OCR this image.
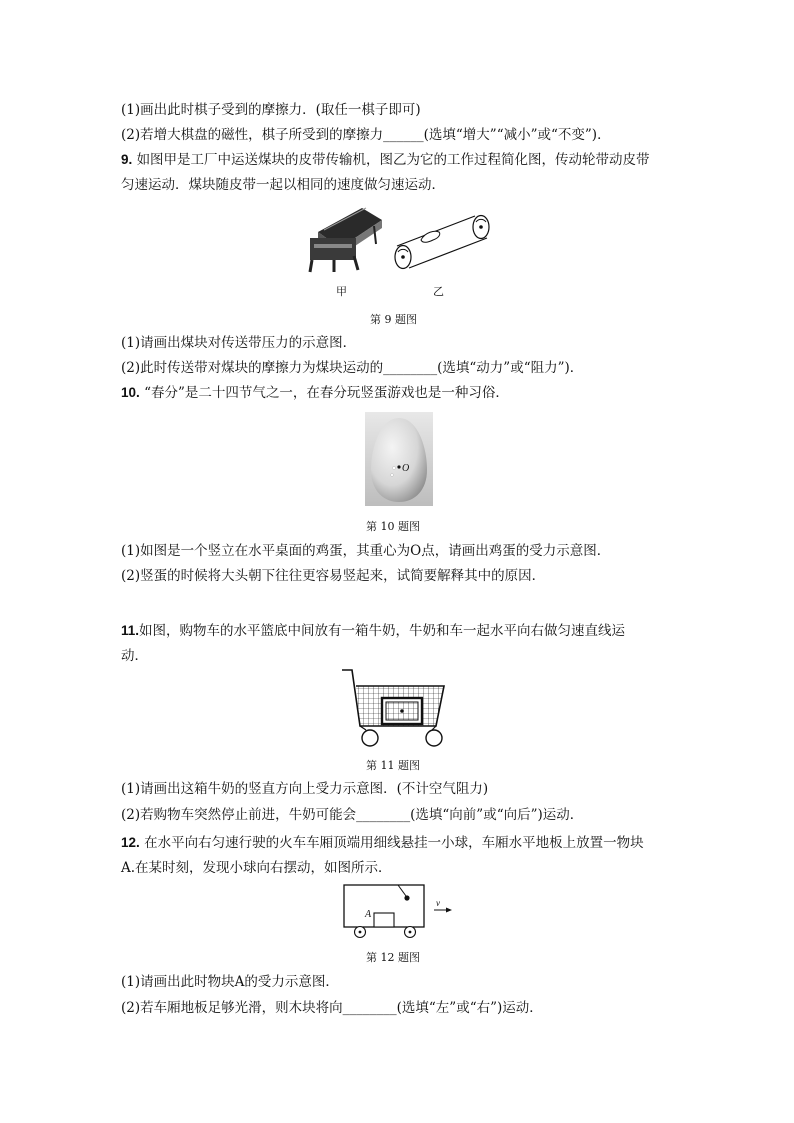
(1)画出此时棋子受到的摩擦力．(取任一棋子即可)
(2)若增大棋盘的磁性，棋子所受到的摩擦力______(选填“增大”“减小”或“不变”)．
9. 如图甲是工厂中运送煤块的皮带传输机，图乙为它的工作过程简化图，传动轮带动皮带
匀速运动．煤块随皮带一起以相同的速度做匀速运动．
甲	乙
第 9 题图
(1)请画出煤块对传送带压力的示意图．
(2)此时传送带对煤块的摩擦力为煤块运动的________(选填“动力”或“阻力”)．
10. “春分”是二十四节气之一，在春分玩竖蛋游戏也是一种习俗．
O
第 10 题图
(1)如图是一个竖立在水平桌面的鸡蛋，其重心为O点，请画出鸡蛋的受力示意图．
(2)竖蛋的时候将大头朝下往往更容易竖起来，试简要解释其中的原因．
11.如图，购物车的水平篮底中间放有一箱牛奶，牛奶和车一起水平向右做匀速直线运
动．
第 11 题图
(1)请画出这箱牛奶的竖直方向上受力示意图．(不计空气阻力)
(2)若购物车突然停止前进，牛奶可能会________(选填“向前”或“向后”)运动．
12. 在水平向右匀速行驶的火车车厢顶端用细线悬挂一小球，车厢水平地板上放置一物块
A.在某时刻，发现小球向右摆动，如图所示．
A
v
第 12 题图
(1)请画出此时物块A的受力示意图．
(2)若车厢地板足够光滑，则木块将向________(选填“左”或“右”)运动．
